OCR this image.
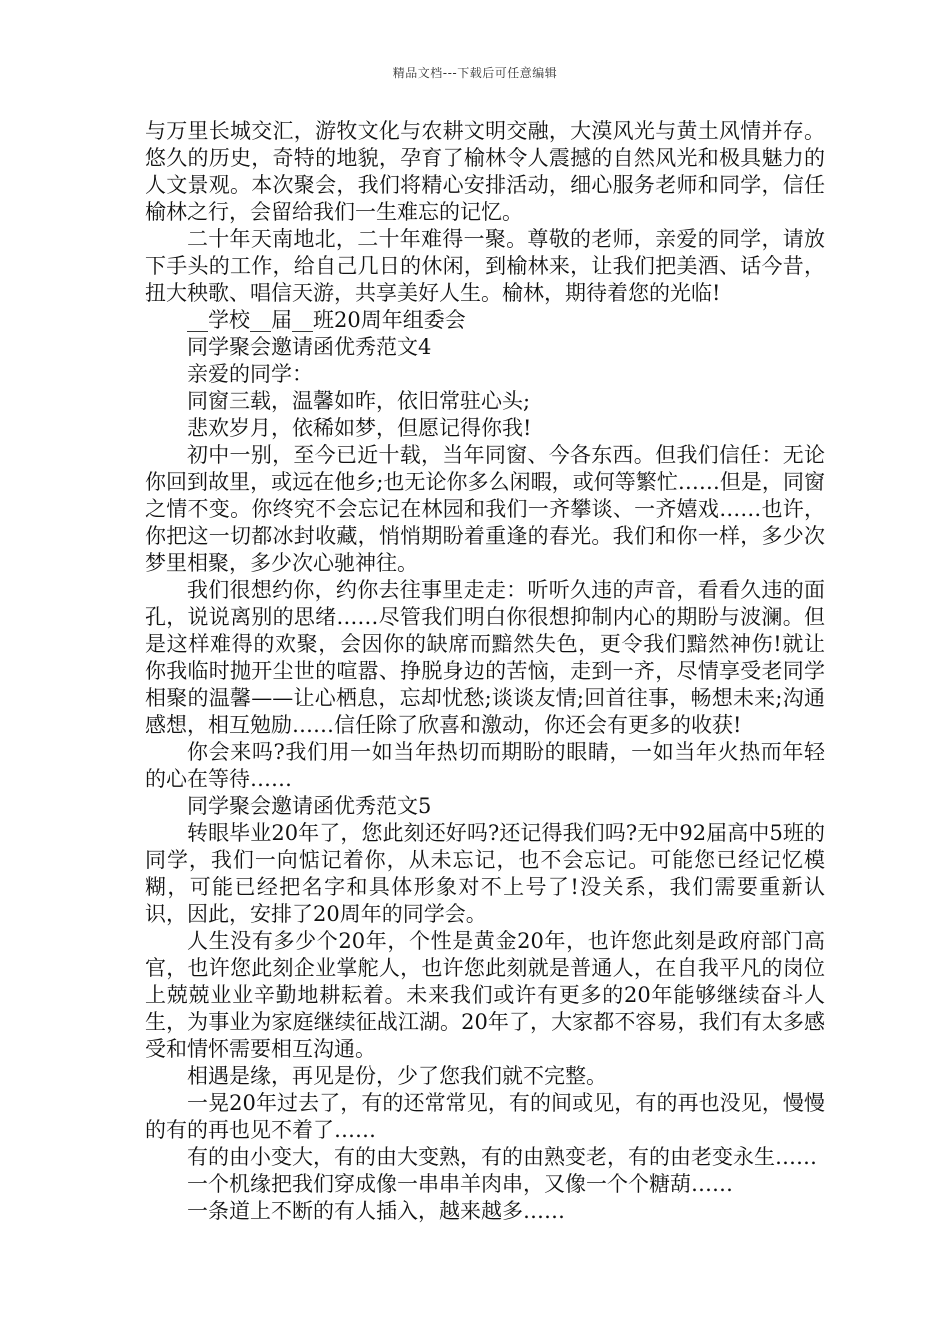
精品文档---下载后可任意编辑

与万里长城交汇，游牧文化与农耕文明交融，大漠风光与黄土风情并存。悠久的历史，奇特的地貌，孕育了榆林令人震撼的自然风光和极具魅力的人文景观。本次聚会，我们将精心安排活动，细心服务老师和同学，信任榆林之行，会留给我们一生难忘的记忆。

二十年天南地北，二十年难得一聚。尊敬的老师，亲爱的同学，请放下手头的工作，给自己几日的休闲，到榆林来，让我们把美酒、话今昔，扭大秧歌、唱信天游，共享美好人生。榆林，期待着您的光临!

__学校__届__班20周年组委会

同学聚会邀请函优秀范文4

亲爱的同学：

同窗三载，温馨如昨，依旧常驻心头;

悲欢岁月，依稀如梦，但愿记得你我!

初中一别，至今已近十载，当年同窗、今各东西。但我们信任：无论你回到故里，或远在他乡;也无论你多么闲暇，或何等繁忙……但是，同窗之情不变。你终究不会忘记在林园和我们一齐攀谈、一齐嬉戏……也许，你把这一切都冰封收藏，悄悄期盼着重逢的春光。我们和你一样，多少次梦里相聚，多少次心驰神往。

我们很想约你，约你去往事里走走：听听久违的声音，看看久违的面孔，说说离别的思绪……尽管我们明白你很想抑制内心的期盼与波澜。但是这样难得的欢聚，会因你的缺席而黯然失色，更令我们黯然神伤!就让你我临时抛开尘世的喧嚣、挣脱身边的苦恼，走到一齐，尽情享受老同学相聚的温馨——让心栖息，忘却忧愁;谈谈友情;回首往事，畅想未来;沟通感想，相互勉励……信任除了欣喜和激动，你还会有更多的收获!

你会来吗?我们用一如当年热切而期盼的眼睛，一如当年火热而年轻的心在等待……

同学聚会邀请函优秀范文5

转眼毕业20年了，您此刻还好吗?还记得我们吗?无中92届高中5班的同学，我们一向惦记着你，从未忘记，也不会忘记。可能您已经记忆模糊，可能已经把名字和具体形象对不上号了!没关系，我们需要重新认识，因此，安排了20周年的同学会。

人生没有多少个20年，个性是黄金20年，也许您此刻是政府部门高官，也许您此刻企业掌舵人，也许您此刻就是普通人，在自我平凡的岗位上兢兢业业辛勤地耕耘着。未来我们或许有更多的20年能够继续奋斗人生，为事业为家庭继续征战江湖。20年了，大家都不容易，我们有太多感受和情怀需要相互沟通。

相遇是缘，再见是份，少了您我们就不完整。

一晃20年过去了，有的还常常见，有的间或见，有的再也没见，慢慢的有的再也见不着了……

有的由小变大，有的由大变熟，有的由熟变老，有的由老变永生……

一个机缘把我们穿成像一串串羊肉串，又像一个个糖葫……

一条道上不断的有人插入，越来越多……
